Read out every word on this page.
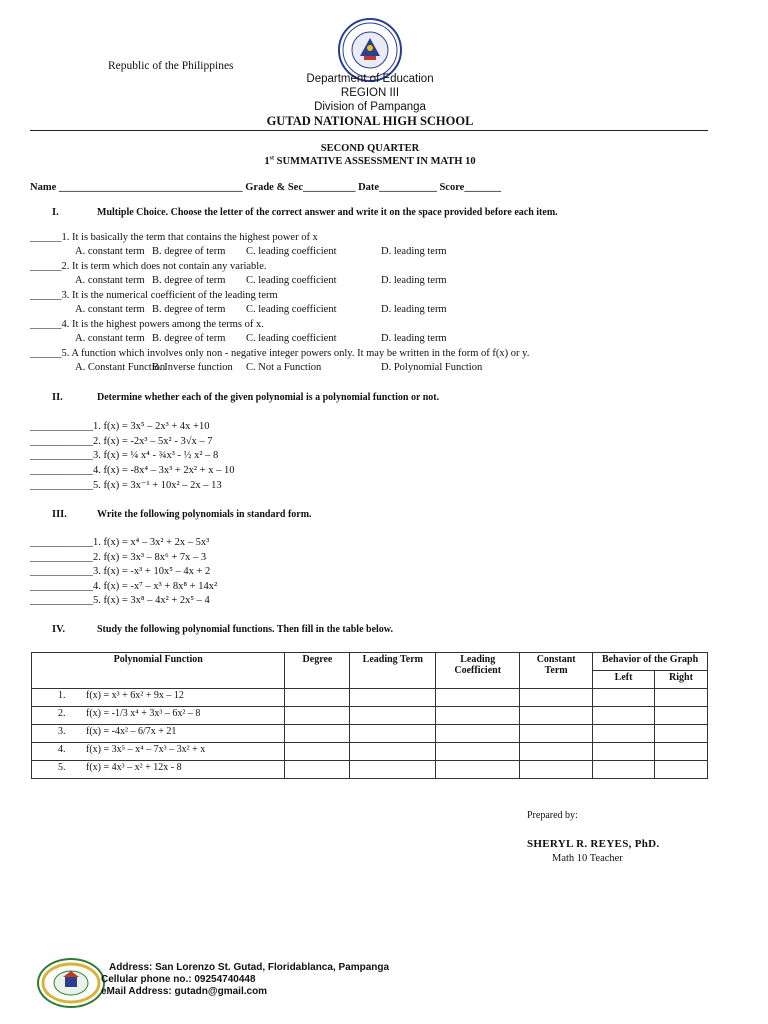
Republic of the Philippines
Department of Education
REGION III
Division of Pampanga
GUTAD NATIONAL HIGH SCHOOL
SECOND QUARTER
1st SUMMATIVE ASSESSMENT IN MATH 10
Name ___________________________________ Grade & Sec__________ Date___________ Score_______
I.	Multiple Choice. Choose the letter of the correct answer and write it on the space provided before each item.
______1. It is basically the term that contains the highest power of x
A. constant term B. degree of term C. leading coefficient	D. leading term
______2. It is term which does not contain any variable.
A. constant term B. degree of term C. leading coefficient	D. leading term
______3. It is the numerical coefficient of the leading term
A. constant term B. degree of term C. leading coefficient	D. leading term
______4. It is the highest powers among the terms of x.
A. constant term B. degree of term C. leading coefficient	D. leading term
______5. A function which involves only non - negative integer powers only. It may be written in the form of f(x) or y.
A. Constant Function
B. Inverse function C. Not a Function	D. Polynomial Function
II.	Determine whether each of the given polynomial is a polynomial function or not.
____________1. f(x) = 3x⁵ – 2x³ + 4x +10
____________2. f(x) = -2x³ – 5x² - 3√x – 7
____________3. f(x) = ¼ x⁴ - ¾x³ - ½ x² – 8
____________4. f(x) = -8x⁴ – 3x³ + 2x² + x – 10
____________5. f(x) = 3x⁻¹ + 10x² – 2x – 13
III.	Write the following polynomials in standard form.
____________1. f(x) = x⁴ – 3x² + 2x – 5x³
____________2. f(x) = 3x³ – 8x⁶ + 7x – 3
____________3. f(x) = -x³ + 10x⁵ – 4x + 2
____________4. f(x) = -x⁷ – x³ + 8x⁸ + 14x²
____________5. f(x) = 3x⁸ – 4x² + 2x⁵ – 4
IV.	Study the following polynomial functions. Then fill in the table below.
Polynomial Function	Degree	Leading Term	Leading Coefficient	Constant Term	Behavior of the Graph	
					Left	Right
1. f(x) = x³ + 6x² + 9x – 12						
2. f(x) = -1/3 x⁴ + 3x³ – 6x² – 8						
3. f(x) = -4x² – 6/7x + 21						
4. f(x) = 3x⁵ – x⁴ – 7x³ – 3x² + x						
5. f(x) = 4x³ – x² + 12x - 8						
Prepared by:
SHERYL R. REYES, PhD.
Math 10 Teacher
Address: San Lorenzo St. Gutad, Floridablanca, Pampanga
Cellular phone no.: 09254740448
eMail Address: gutadn@gmail.com
